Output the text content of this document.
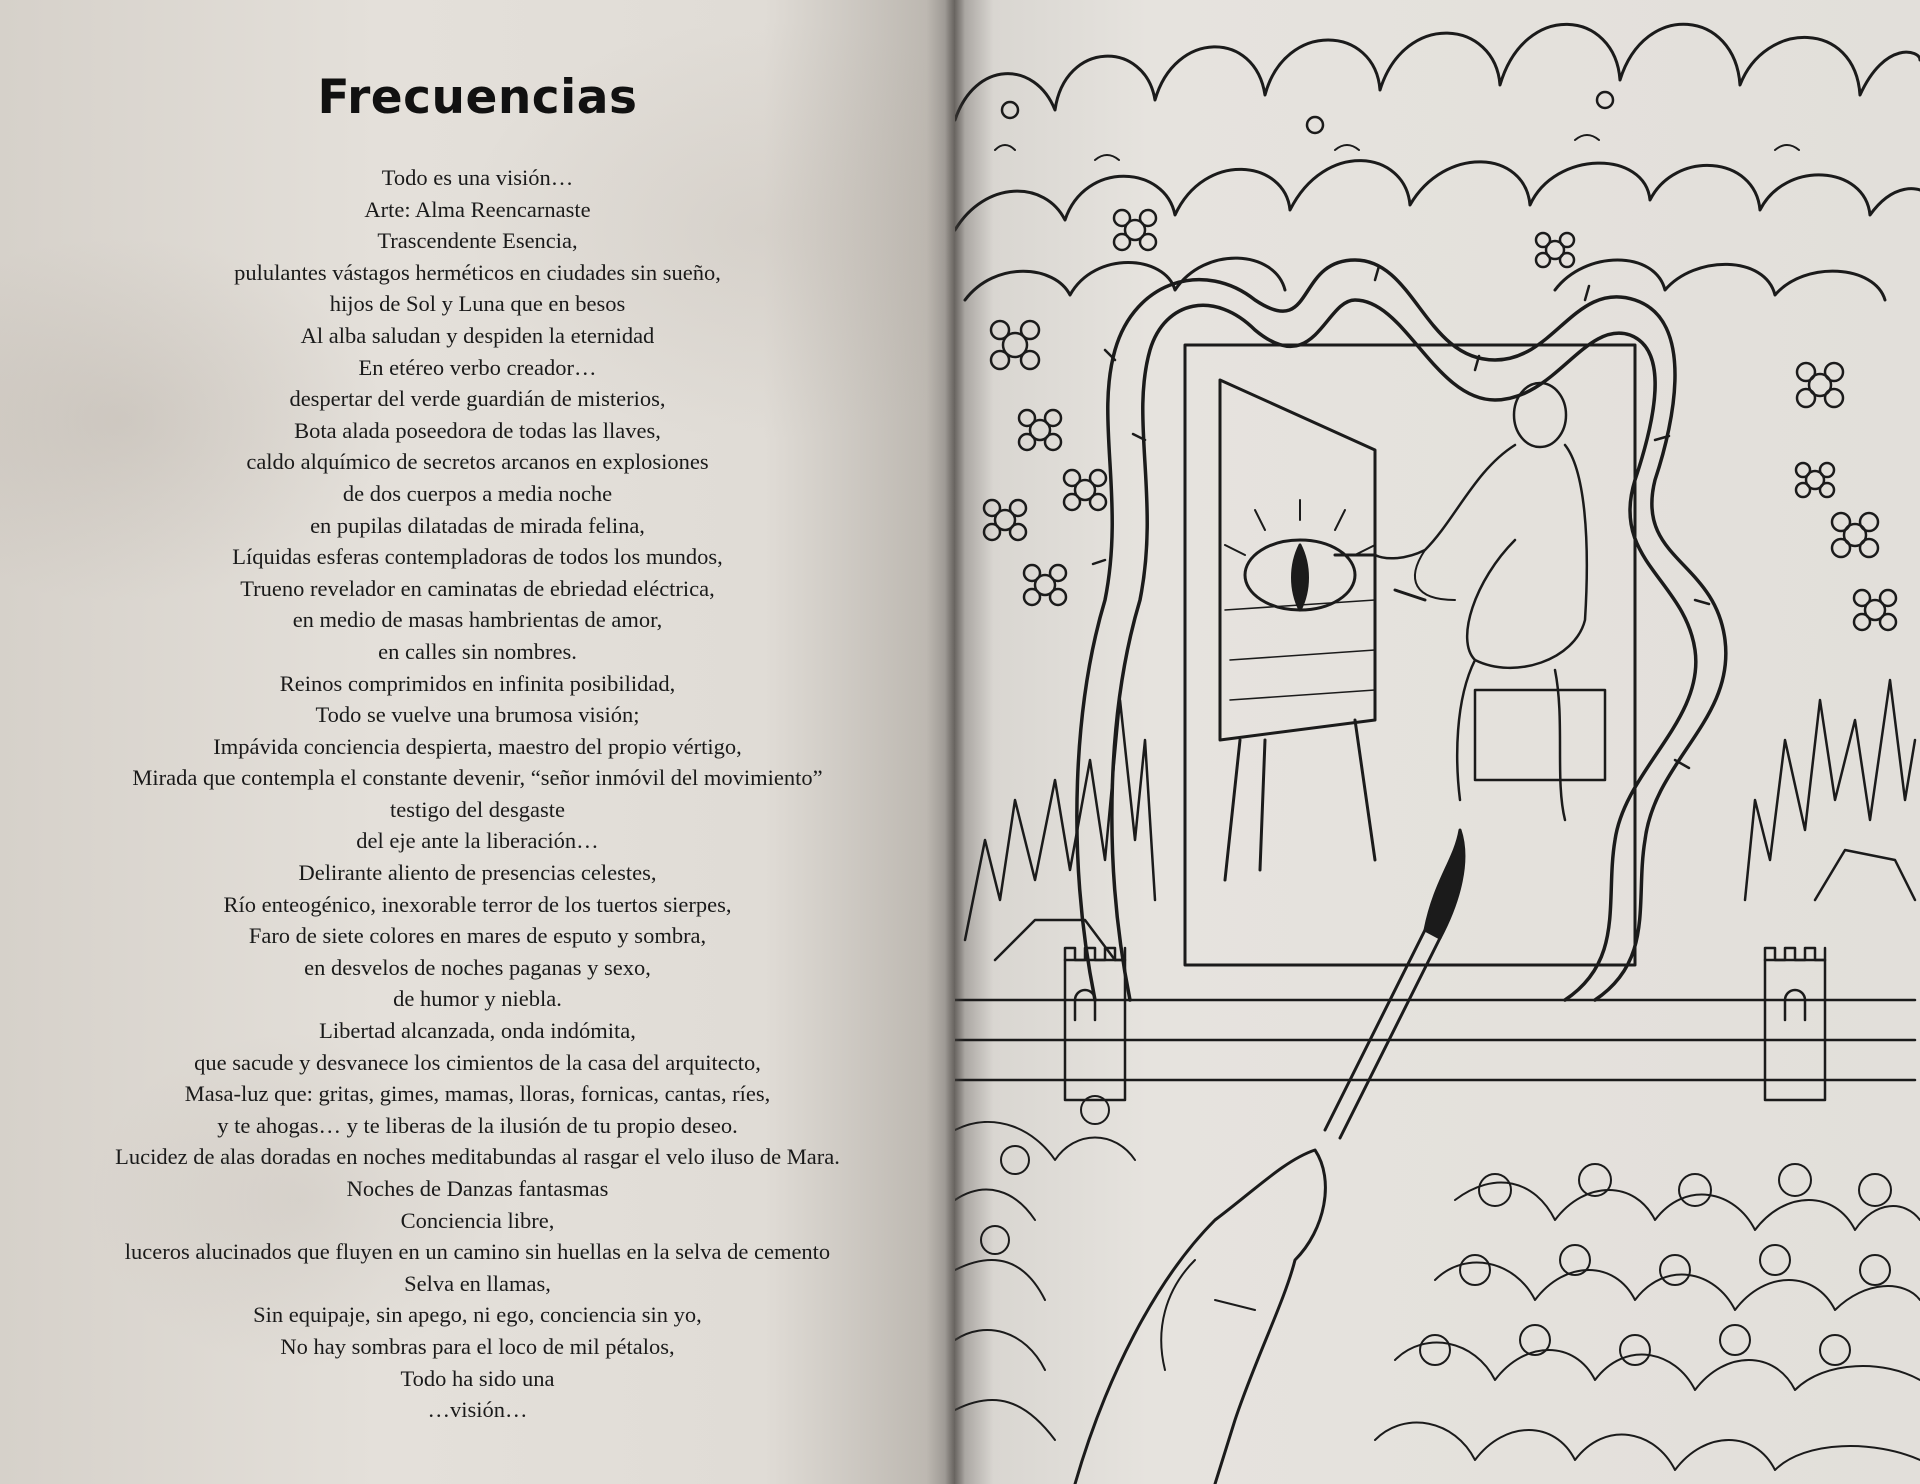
Frecuencias
Todo es una visión…
Arte: Alma Reencarnaste
Trascendente Esencia,
pululantes vástagos herméticos en ciudades sin sueño,
hijos de Sol y Luna que en besos
Al alba saludan y despiden la eternidad
En etéreo verbo creador…
despertar del verde guardián de misterios,
Bota alada poseedora de todas las llaves,
caldo alquímico de secretos arcanos en explosiones
de dos cuerpos a media noche
en pupilas dilatadas de mirada felina,
Líquidas esferas contempladoras de todos los mundos,
Trueno revelador en caminatas de ebriedad eléctrica,
en medio de masas hambrientas de amor,
en calles sin nombres.
Reinos comprimidos en infinita posibilidad,
Todo se vuelve una brumosa visión;
Impávida conciencia despierta, maestro del propio vértigo,
Mirada que contempla el constante devenir, “señor inmóvil del movimiento”
testigo del desgaste
del eje ante la liberación…
Delirante aliento de presencias celestes,
Río enteogénico, inexorable terror de los tuertos sierpes,
Faro de siete colores en mares de esputo y sombra,
en desvelos de noches paganas y sexo,
de humor y niebla.
Libertad alcanzada, onda indómita,
que sacude y desvanece los cimientos de la casa del arquitecto,
Masa-luz que: gritas, gimes, mamas, lloras, fornicas, cantas, ríes,
y te ahogas… y te liberas de la ilusión de tu propio deseo.
Lucidez de alas doradas en noches meditabundas al rasgar el velo iluso de Mara.
Noches de Danzas fantasmas
Conciencia libre,
luceros alucinados que fluyen en un camino sin huellas en la selva de cemento
Selva en llamas,
Sin equipaje, sin apego, ni ego, conciencia sin yo,
No hay sombras para el loco de mil pétalos,
Todo ha sido una
…visión…
